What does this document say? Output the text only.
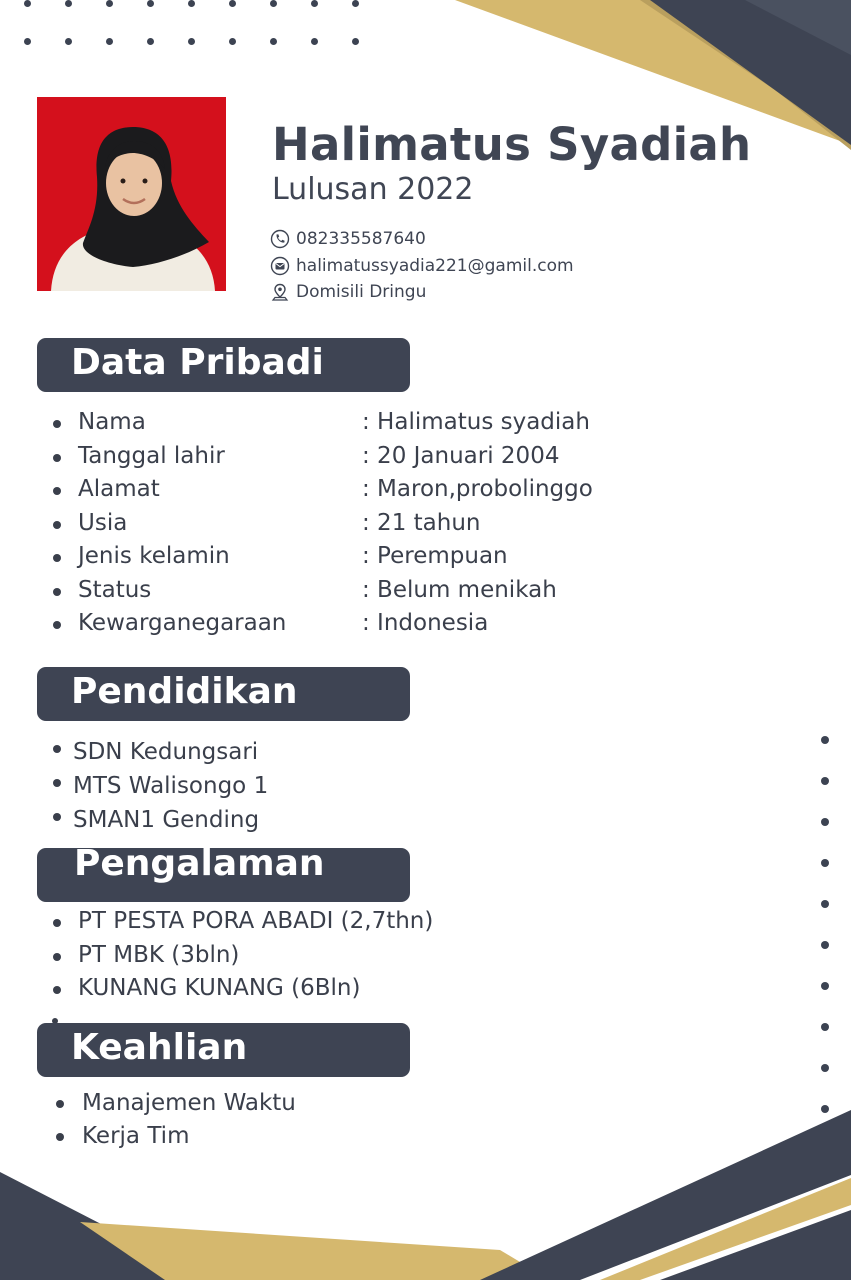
Halimatus Syadiah

Lulusan 2022

082335587640
halimatussyadia221@gamil.com
Domisili Dringu
Data Pribadi
Nama	: Halimatus syadiah
Tanggal lahir	: 20 Januari 2004
Alamat	: Maron,probolinggo
Usia	: 21 tahun
Jenis kelamin	: Perempuan
Status	: Belum menikah
Kewarganegaraan	: Indonesia
Pendidikan
SDN Kedungsari
MTS Walisongo 1
SMAN1 Gending
Pengalaman
PT PESTA PORA ABADI (2,7thn)
PT MBK (3bln)
KUNANG KUNANG (6Bln)
Keahlian
Manajemen Waktu
Kerja Tim
